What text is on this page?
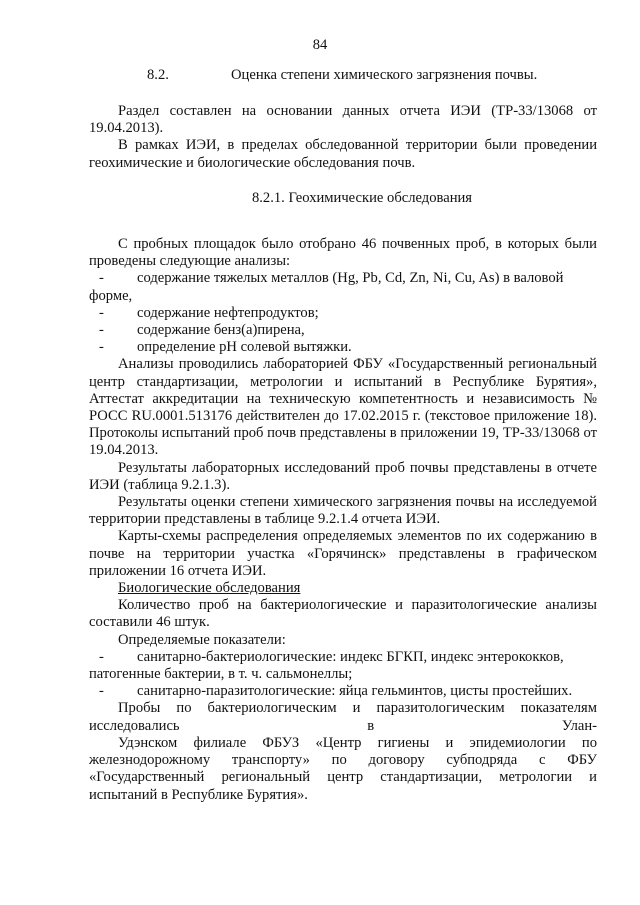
84
8.2.	Оценка степени химического загрязнения почвы.

Раздел составлен на основании данных отчета ИЭИ (ТР-33/13068 от 19.04.2013).

В рамках ИЭИ, в пределах обследованной территории были проведении геохимические и биологические обследования почв.

8.2.1. Геохимические обследования

С пробных площадок было отобрано 46 почвенных проб, в которых были проведены следующие анализы:

-	содержание тяжелых металлов (Hg, Pb, Cd, Zn, Ni, Cu, As) в валовой

форме,

-	содержание нефтепродуктов;
-	содержание бенз(а)пирена,
-	определение pH солевой вытяжки.

Анализы проводились лабораторией ФБУ «Государственный региональный центр стандартизации, метрологии и испытаний в Республике Бурятия», Аттестат аккредитации на техническую компетентность и независимость № РОСС RU.0001.513176 действителен до 17.02.2015 г. (текстовое приложение 18). Протоколы испытаний проб почв представлены в приложении 19, ТР-33/13068 от 19.04.2013.

Результаты лабораторных исследований проб почвы представлены в отчете ИЭИ (таблица 9.2.1.3).

Результаты оценки степени химического загрязнения почвы на исследуемой территории представлены в таблице 9.2.1.4 отчета ИЭИ.

Карты-схемы распределения определяемых элементов по их содержанию в почве на территории участка «Горячинск» представлены в графическом приложении 16 отчета ИЭИ.

Биологические обследования

Количество проб на бактериологические и паразитологические анализы составили 46 штук.

Определяемые показатели:

-	санитарно-бактериологические: индекс БГКП, индекс энтерококков,

патогенные бактерии, в т. ч. сальмонеллы;

-	санитарно-паразитологические: яйца гельминтов, цисты простейших.

Пробы по бактериологическим и паразитологическим показателям исследовались в Улан-

Удэнском филиале ФБУЗ «Центр гигиены и эпидемиологии по железнодорожному транспорту» по договору субподряда с ФБУ «Государственный региональный центр стандартизации, метрологии и испытаний в Республике Бурятия».
